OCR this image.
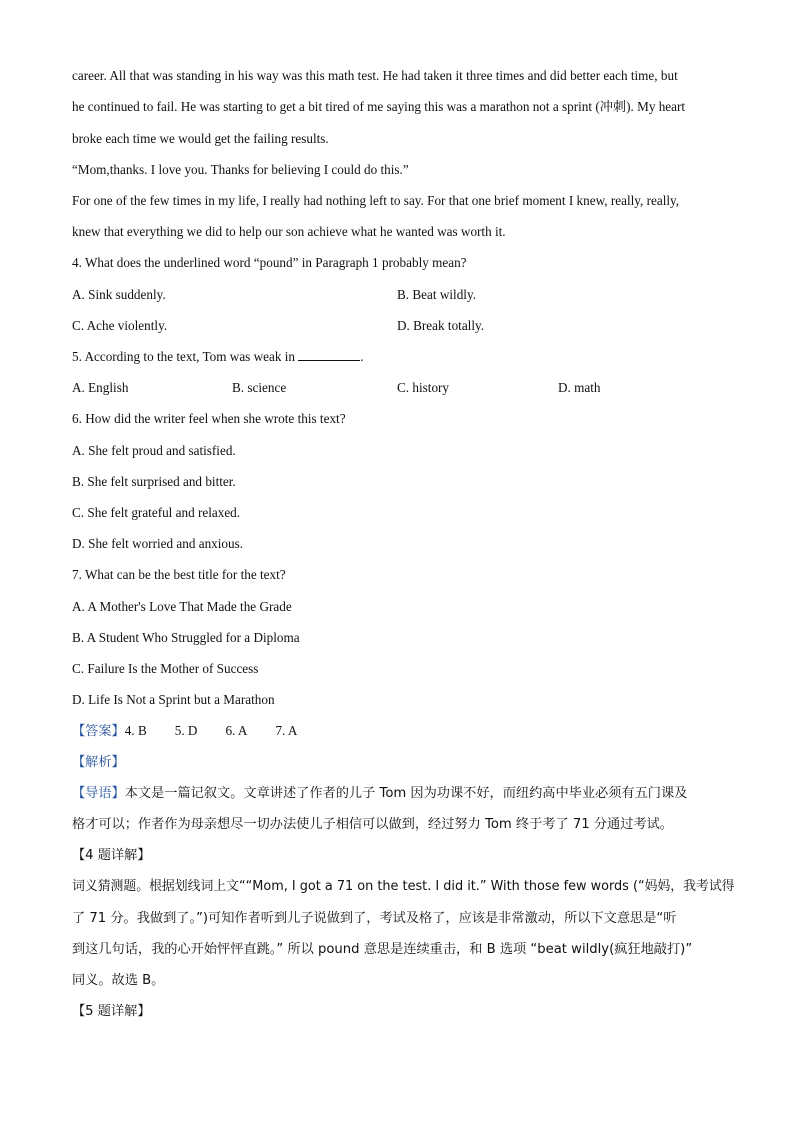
career. All that was standing in his way was this math test. He had taken it three times and did better each time, but
he continued to fail. He was starting to get a bit tired of me saying this was a marathon not a sprint (冲刺). My heart
broke each time we would get the failing results.
“Mom,thanks. I love you. Thanks for believing I could do this.”
For one of the few times in my life, I really had nothing left to say. For that one brief moment I knew, really, really,
knew that everything we did to help our son achieve what he wanted was worth it.
4. What does the underlined word “pound” in Paragraph 1 probably mean?
A. Sink suddenly.	B. Beat wildly.
C. Ache violently.	D. Break totally.
5. According to the text, Tom was weak in	.
A. English	B. science	C. history	D. math
6. How did the writer feel when she wrote this text?
A. She felt proud and satisfied.
B. She felt surprised and bitter.
C. She felt grateful and relaxed.
D. She felt worried and anxious.
7. What can be the best title for the text?
A. A Mother's Love That Made the Grade
B. A Student Who Struggled for a Diploma
C. Failure Is the Mother of Success
D. Life Is Not a Sprint but a Marathon
【答案】4. B 5. D 6. A 7. A
【解析】
【导语】本文是一篇记叙文。文章讲述了作者的儿子 Tom 因为功课不好，而纽约高中毕业必须有五门课及
格才可以；作者作为母亲想尽一切办法使儿子相信可以做到，经过努力 Tom 终于考了 71 分通过考试。
【4 题详解】
词义猜测题。根据划线词上文““Mom, I got a 71 on the test. I did it.” With those few words (“妈妈，我考试得
了 71 分。我做到了。”)可知作者听到儿子说做到了，考试及格了，应该是非常激动，所以下文意思是“听
到这几句话，我的心开始怦怦直跳。” 所以 pound 意思是连续重击，和 B 选项 “beat wildly(疯狂地敲打)”
同义。故选 B。
【5 题详解】
